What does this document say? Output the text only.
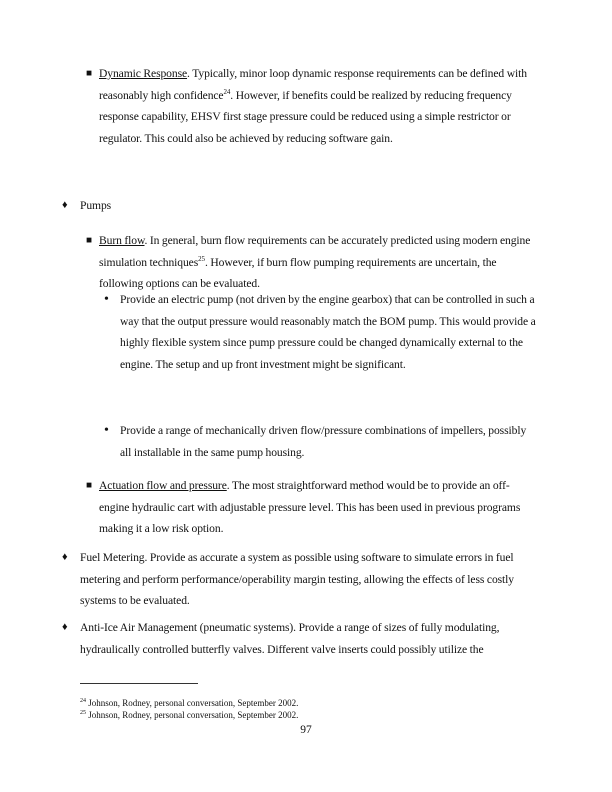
■ Dynamic Response. Typically, minor loop dynamic response requirements can be defined with reasonably high confidence$^{24}$. However, if benefits could be realized by reducing frequency response capability, EHSV first stage pressure could be reduced using a simple restrictor or regulator. This could also be achieved by reducing software gain.
♦ Pumps
■ Burn flow. In general, burn flow requirements can be accurately predicted using modern engine simulation techniques$^{25}$. However, if burn flow pumping requirements are uncertain, the following options can be evaluated.
• Provide an electric pump (not driven by the engine gearbox) that can be controlled in such a way that the output pressure would reasonably match the BOM pump. This would provide a highly flexible system since pump pressure could be changed dynamically external to the engine. The setup and up front investment might be significant.
• Provide a range of mechanically driven flow/pressure combinations of impellers, possibly all installable in the same pump housing.
■ Actuation flow and pressure. The most straightforward method would be to provide an off-engine hydraulic cart with adjustable pressure level. This has been used in previous programs making it a low risk option.
♦ Fuel Metering. Provide as accurate a system as possible using software to simulate errors in fuel metering and perform performance/operability margin testing, allowing the effects of less costly systems to be evaluated.
♦ Anti-Ice Air Management (pneumatic systems). Provide a range of sizes of fully modulating, hydraulically controlled butterfly valves. Different valve inserts could possibly utilize the
$^{24}$ Johnson, Rodney, personal conversation, September 2002.
$^{25}$ Johnson, Rodney, personal conversation, September 2002.
97
